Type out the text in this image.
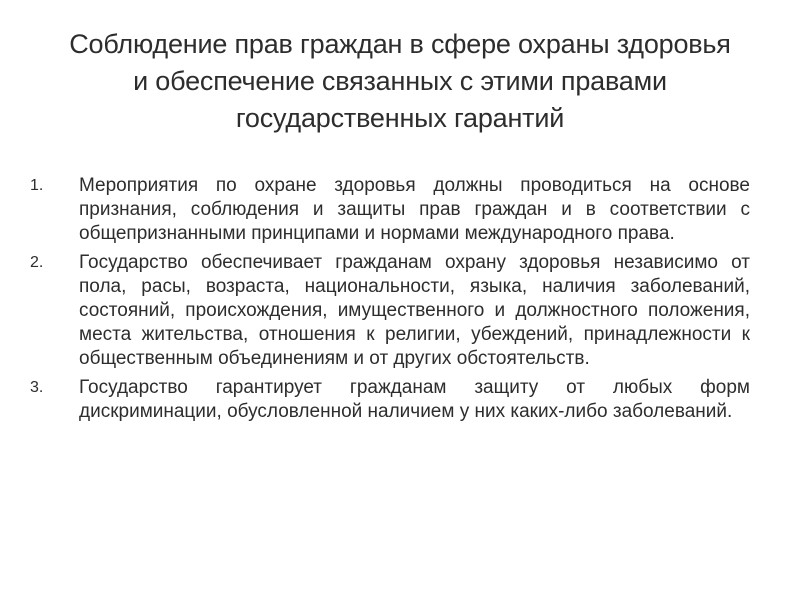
Соблюдение прав граждан в сфере охраны здоровья и обеспечение связанных с этими правами государственных гарантий
1.	Мероприятия по охране здоровья должны проводиться на основе признания, соблюдения и защиты прав граждан и в соответствии с общепризнанными принципами и нормами международного права.
2.	Государство обеспечивает гражданам охрану здоровья независимо от пола, расы, возраста, национальности, языка, наличия заболеваний, состояний, происхождения, имущественного и должностного положения, места жительства, отношения к религии, убеждений, принадлежности к общественным объединениям и от других обстоятельств.
3.	Государство гарантирует гражданам защиту от любых форм дискриминации, обусловленной наличием у них каких-либо заболеваний.
